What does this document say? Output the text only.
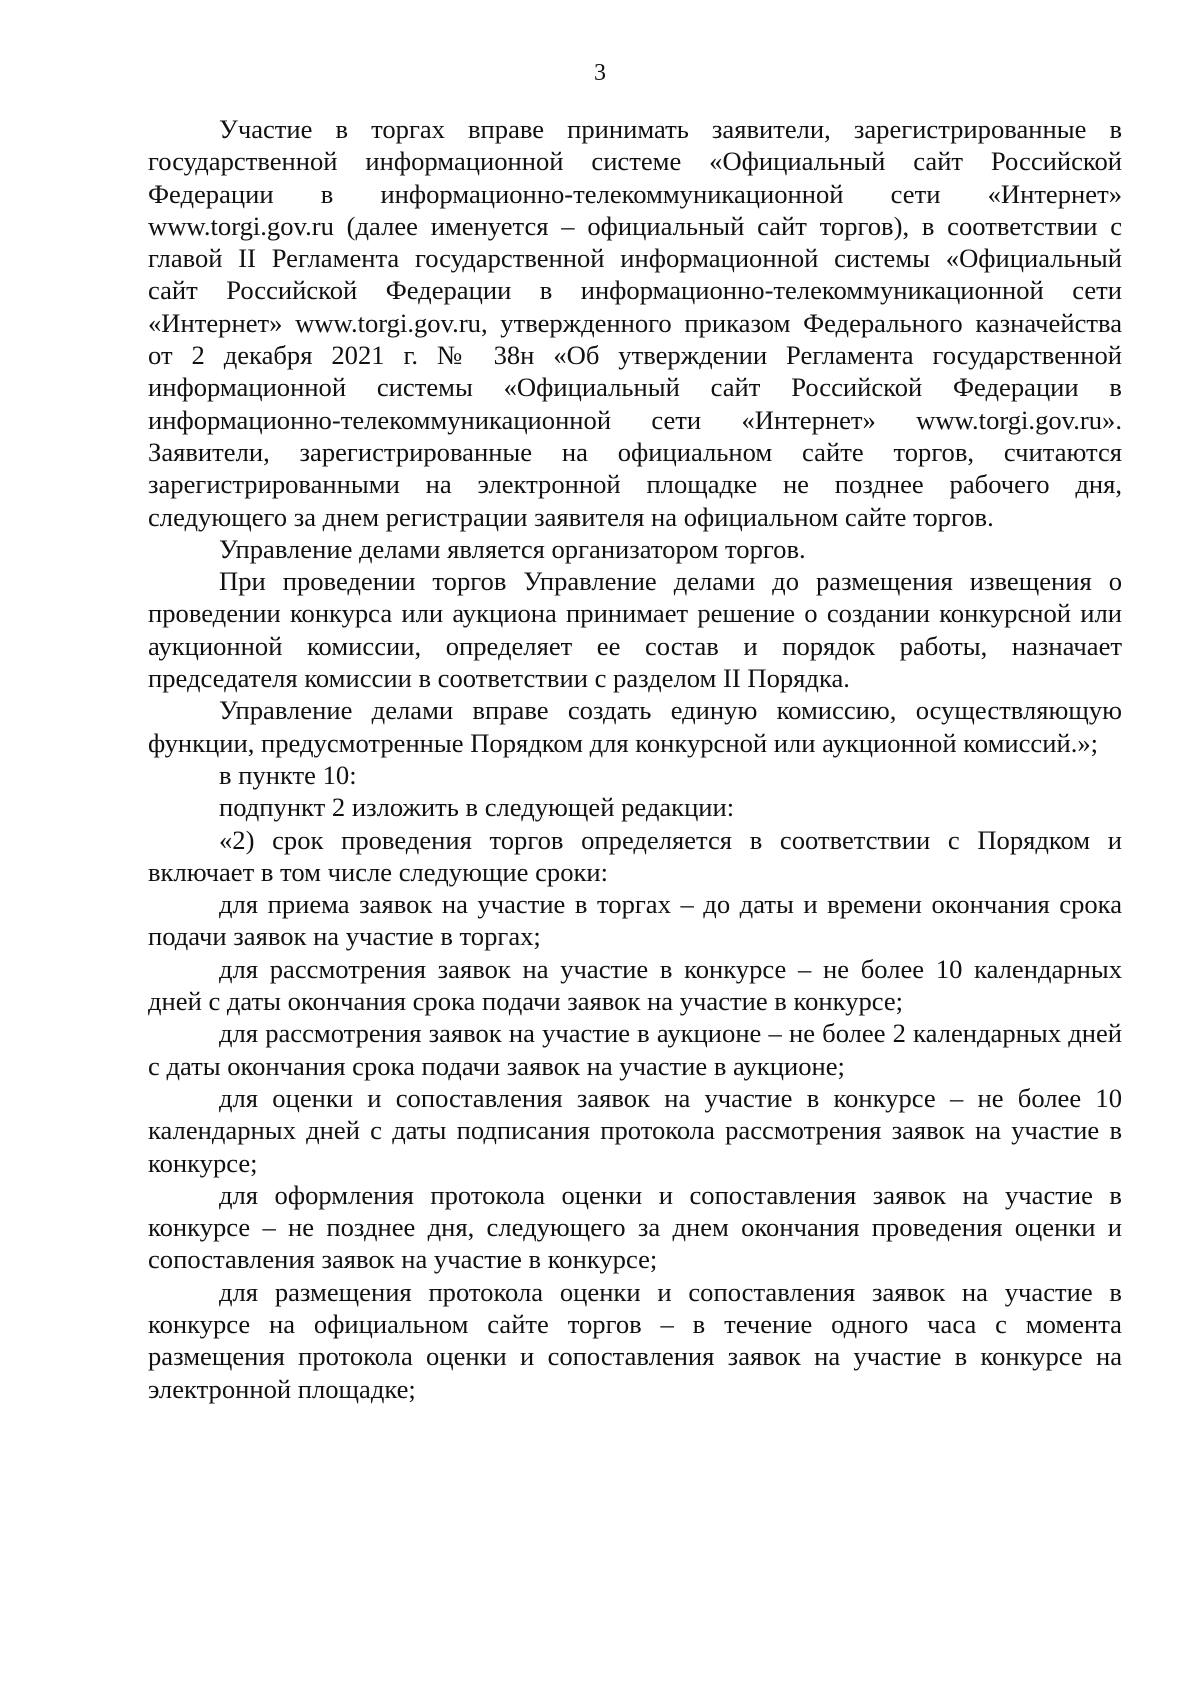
3

Участие в торгах вправе принимать заявители, зарегистрированные в государственной информационной системе «Официальный сайт Российской Федерации в информационно-телекоммуникационной сети «Интернет» www.torgi.gov.ru (далее именуется – официальный сайт торгов), в соответствии с главой II Регламента государственной информационной системы «Официальный сайт Российской Федерации в информационно-телекоммуникационной сети «Интернет» www.torgi.gov.ru, утвержденного приказом Федерального казначейства от 2 декабря 2021 г. № 38н «Об утверждении Регламента государственной информационной системы «Официальный сайт Российской Федерации в информационно-телекоммуникационной сети «Интернет» www.torgi.gov.ru». Заявители, зарегистрированные на официальном сайте торгов, считаются зарегистрированными на электронной площадке не позднее рабочего дня, следующего за днем регистрации заявителя на официальном сайте торгов.

Управление делами является организатором торгов.

При проведении торгов Управление делами до размещения извещения о проведении конкурса или аукциона принимает решение о создании конкурсной или аукционной комиссии, определяет ее состав и порядок работы, назначает председателя комиссии в соответствии с разделом II Порядка.

Управление делами вправе создать единую комиссию, осуществляющую функции, предусмотренные Порядком для конкурсной или аукционной комиссий.»;

в пункте 10:

подпункт 2 изложить в следующей редакции:

«2) срок проведения торгов определяется в соответствии с Порядком и включает в том числе следующие сроки:

для приема заявок на участие в торгах – до даты и времени окончания срока подачи заявок на участие в торгах;

для рассмотрения заявок на участие в конкурсе – не более 10 календарных дней с даты окончания срока подачи заявок на участие в конкурсе;

для рассмотрения заявок на участие в аукционе – не более 2 календарных дней с даты окончания срока подачи заявок на участие в аукционе;

для оценки и сопоставления заявок на участие в конкурсе – не более 10 календарных дней с даты подписания протокола рассмотрения заявок на участие в конкурсе;

для оформления протокола оценки и сопоставления заявок на участие в конкурсе – не позднее дня, следующего за днем окончания проведения оценки и сопоставления заявок на участие в конкурсе;

для размещения протокола оценки и сопоставления заявок на участие в конкурсе на официальном сайте торгов – в течение одного часа с момента размещения протокола оценки и сопоставления заявок на участие в конкурсе на электронной площадке;
